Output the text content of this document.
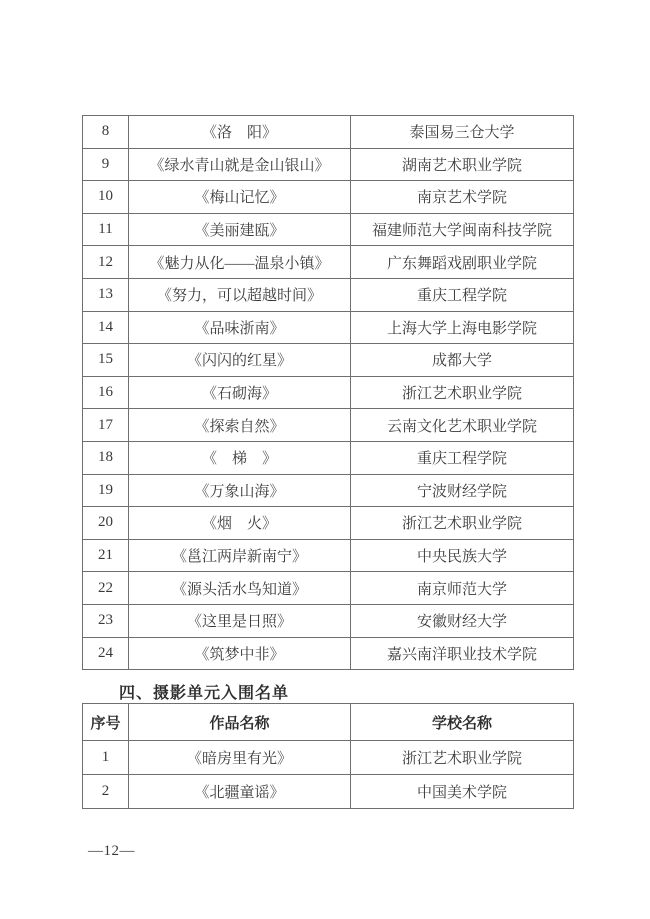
8	《洛　阳》	泰国易三仓大学
9	《绿水青山就是金山银山》	湖南艺术职业学院
10	《梅山记忆》	南京艺术学院
11	《美丽建瓯》	福建师范大学闽南科技学院
12	《魅力从化——温泉小镇》	广东舞蹈戏剧职业学院
13	《努力，可以超越时间》	重庆工程学院
14	《品味浙南》	上海大学上海电影学院
15	《闪闪的红星》	成都大学
16	《石砌海》	浙江艺术职业学院
17	《探索自然》	云南文化艺术职业学院
18	《　梯　》	重庆工程学院
19	《万象山海》	宁波财经学院
20	《烟　火》	浙江艺术职业学院
21	《邕江两岸新南宁》	中央民族大学
22	《源头活水鸟知道》	南京师范大学
23	《这里是日照》	安徽财经大学
24	《筑梦中非》	嘉兴南洋职业技术学院
四、摄影单元入围名单
序号	作品名称	学校名称
1	《暗房里有光》	浙江艺术职业学院
2	《北疆童谣》	中国美术学院
—12—
